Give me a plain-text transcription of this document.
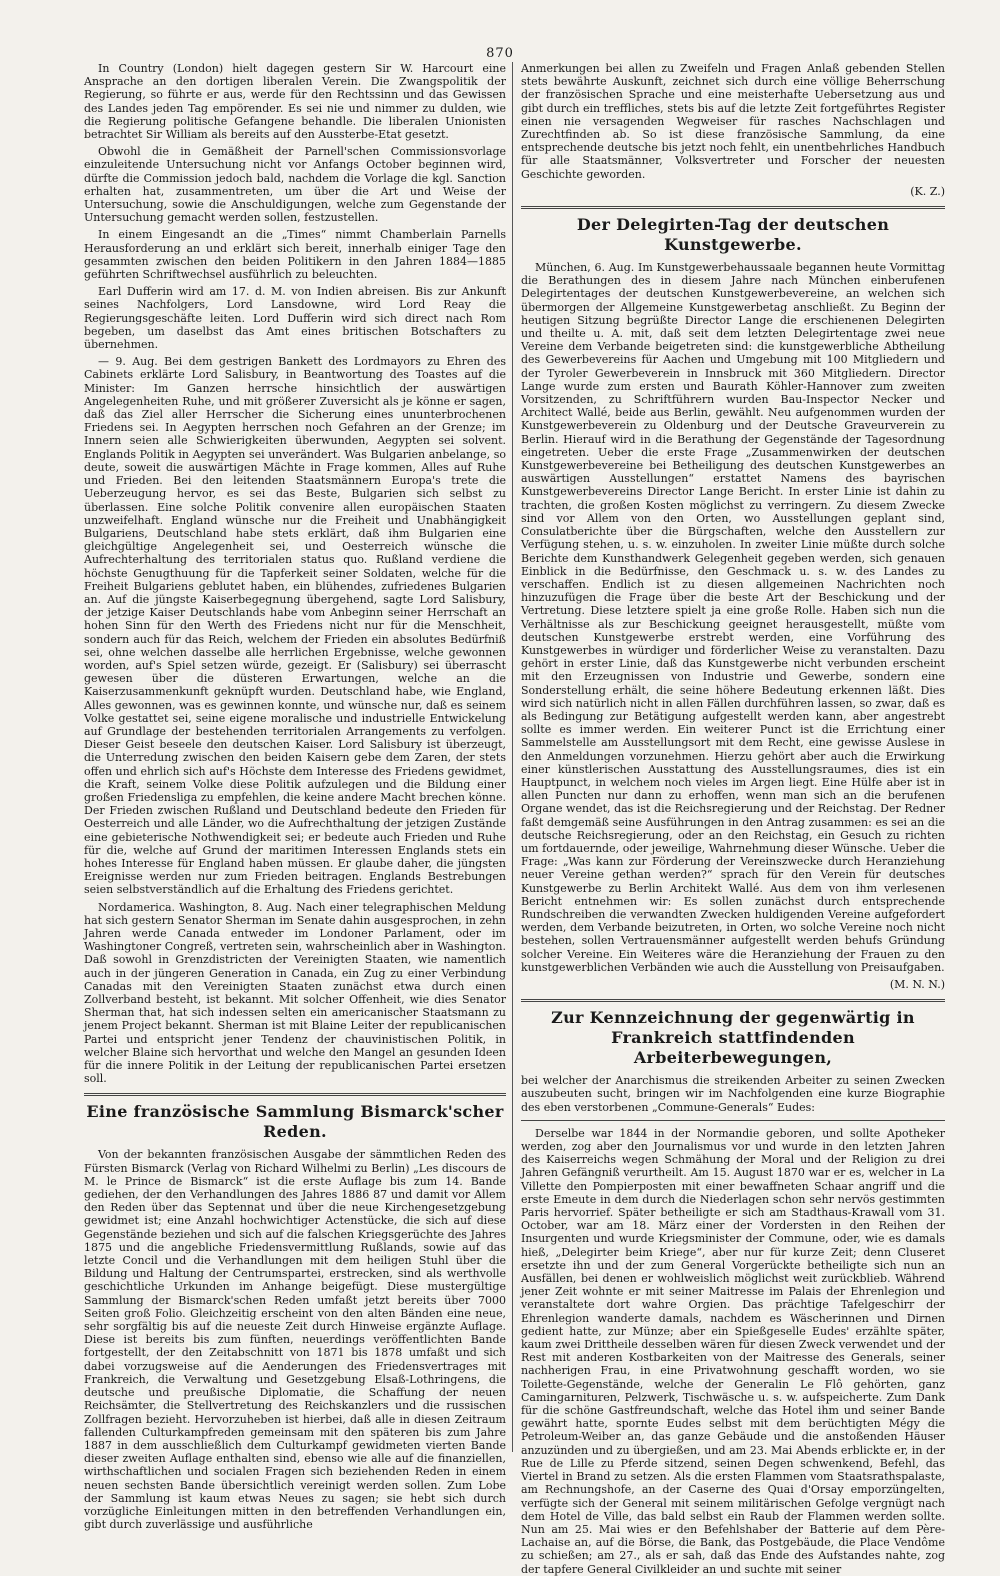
870

In Country (London) hielt dagegen gestern Sir W. Harcourt eine Ansprache an den dortigen liberalen Verein. Die Zwangspolitik der Regierung, so führte er aus, werde für den Rechtssinn und das Gewissen des Landes jeden Tag empörender. Es sei nie und nimmer zu dulden, wie die Regierung politische Gefangene behandle. Die liberalen Unionisten betrachtet Sir William als bereits auf den Aussterbe-Etat gesetzt.

Obwohl die in Gemäßheit der Parnell'schen Commissionsvorlage einzuleitende Untersuchung nicht vor Anfangs October beginnen wird, dürfte die Commission jedoch bald, nachdem die Vorlage die kgl. Sanction erhalten hat, zusammentreten, um über die Art und Weise der Untersuchung, sowie die Anschuldigungen, welche zum Gegenstande der Untersuchung gemacht werden sollen, festzustellen.

In einem Eingesandt an die „Times“ nimmt Chamberlain Parnells Herausforderung an und erklärt sich bereit, innerhalb einiger Tage den gesammten zwischen den beiden Politikern in den Jahren 1884—1885 geführten Schriftwechsel ausführlich zu beleuchten.

Earl Dufferin wird am 17. d. M. von Indien abreisen. Bis zur Ankunft seines Nachfolgers, Lord Lansdowne, wird Lord Reay die Regierungsgeschäfte leiten. Lord Dufferin wird sich direct nach Rom begeben, um daselbst das Amt eines britischen Botschafters zu übernehmen.

— 9. Aug. Bei dem gestrigen Bankett des Lordmayors zu Ehren des Cabinets erklärte Lord Salisbury, in Beantwortung des Toastes auf die Minister: Im Ganzen herrsche hinsichtlich der auswärtigen Angelegenheiten Ruhe, und mit größerer Zuversicht als je könne er sagen, daß das Ziel aller Herrscher die Sicherung eines ununterbrochenen Friedens sei. In Aegypten herrschen noch Gefahren an der Grenze; im Innern seien alle Schwierigkeiten überwunden, Aegypten sei solvent. Englands Politik in Aegypten sei unverändert. Was Bulgarien anbelange, so deute, soweit die auswärtigen Mächte in Frage kommen, Alles auf Ruhe und Frieden. Bei den leitenden Staatsmännern Europa's trete die Ueberzeugung hervor, es sei das Beste, Bulgarien sich selbst zu überlassen. Eine solche Politik convenire allen europäischen Staaten unzweifelhaft. England wünsche nur die Freiheit und Unabhängigkeit Bulgariens, Deutschland habe stets erklärt, daß ihm Bulgarien eine gleichgültige Angelegenheit sei, und Oesterreich wünsche die Aufrechterhaltung des territorialen status quo. Rußland verdiene die höchste Genugthuung für die Tapferkeit seiner Soldaten, welche für die Freiheit Bulgariens geblutet haben, ein blühendes, zufriedenes Bulgarien an. Auf die jüngste Kaiserbegegnung übergehend, sagte Lord Salisbury, der jetzige Kaiser Deutschlands habe vom Anbeginn seiner Herrschaft an hohen Sinn für den Werth des Friedens nicht nur für die Menschheit, sondern auch für das Reich, welchem der Frieden ein absolutes Bedürfniß sei, ohne welchen dasselbe alle herrlichen Ergebnisse, welche gewonnen worden, auf's Spiel setzen würde, gezeigt. Er (Salisbury) sei überrascht gewesen über die düsteren Erwartungen, welche an die Kaiserzusammenkunft geknüpft wurden. Deutschland habe, wie England, Alles gewonnen, was es gewinnen konnte, und wünsche nur, daß es seinem Volke gestattet sei, seine eigene moralische und industrielle Entwickelung auf Grundlage der bestehenden territorialen Arrangements zu verfolgen. Dieser Geist beseele den deutschen Kaiser. Lord Salisbury ist überzeugt, die Unterredung zwischen den beiden Kaisern gebe dem Zaren, der stets offen und ehrlich sich auf's Höchste dem Interesse des Friedens gewidmet, die Kraft, seinem Volke diese Politik aufzulegen und die Bildung einer großen Friedensliga zu empfehlen, die keine andere Macht brechen könne. Der Frieden zwischen Rußland und Deutschland bedeute den Frieden für Oesterreich und alle Länder, wo die Aufrechthaltung der jetzigen Zustände eine gebieterische Nothwendigkeit sei; er bedeute auch Frieden und Ruhe für die, welche auf Grund der maritimen Interessen Englands stets ein hohes Interesse für England haben müssen. Er glaube daher, die jüngsten Ereignisse werden nur zum Frieden beitragen. Englands Bestrebungen seien selbstverständlich auf die Erhaltung des Friedens gerichtet.

Nordamerica. Washington, 8. Aug. Nach einer telegraphischen Meldung hat sich gestern Senator Sherman im Senate dahin ausgesprochen, in zehn Jahren werde Canada entweder im Londoner Parlament, oder im Washingtoner Congreß, vertreten sein, wahrscheinlich aber in Washington. Daß sowohl in Grenzdistricten der Vereinigten Staaten, wie namentlich auch in der jüngeren Generation in Canada, ein Zug zu einer Verbindung Canadas mit den Vereinigten Staaten zunächst etwa durch einen Zollverband besteht, ist bekannt. Mit solcher Offenheit, wie dies Senator Sherman that, hat sich indessen selten ein americanischer Staatsmann zu jenem Project bekannt. Sherman ist mit Blaine Leiter der republicanischen Partei und entspricht jener Tendenz der chauvinistischen Politik, in welcher Blaine sich hervorthat und welche den Mangel an gesunden Ideen für die innere Politik in der Leitung der republicanischen Partei ersetzen soll.

Eine französische Sammlung Bismarck'scher Reden.

Von der bekannten französischen Ausgabe der sämmtlichen Reden des Fürsten Bismarck (Verlag von Richard Wilhelmi zu Berlin) „Les discours de M. le Prince de Bismarck“ ist die erste Auflage bis zum 14. Bande gediehen, der den Verhandlungen des Jahres 1886 87 und damit vor Allem den Reden über das Septennat und über die neue Kirchengesetzgebung gewidmet ist; eine Anzahl hochwichtiger Actenstücke, die sich auf diese Gegenstände beziehen und sich auf die falschen Kriegsgerüchte des Jahres 1875 und die angebliche Friedensvermittlung Rußlands, sowie auf das letzte Concil und die Verhandlungen mit dem heiligen Stuhl über die Bildung und Haltung der Centrumspartei, erstrecken, sind als werthvolle geschichtliche Urkunden im Anhange beigefügt. Diese mustergültige Sammlung der Bismarck'schen Reden umfaßt jetzt bereits über 7000 Seiten groß Folio. Gleichzeitig erscheint von den alten Bänden eine neue, sehr sorgfältig bis auf die neueste Zeit durch Hinweise ergänzte Auflage. Diese ist bereits bis zum fünften, neuerdings veröffentlichten Bande fortgestellt, der den Zeitabschnitt von 1871 bis 1878 umfaßt und sich dabei vorzugsweise auf die Aenderungen des Friedensvertrages mit Frankreich, die Verwaltung und Gesetzgebung Elsaß-Lothringens, die deutsche und preußische Diplomatie, die Schaffung der neuen Reichsämter, die Stellvertretung des Reichskanzlers und die russischen Zollfragen bezieht. Hervorzuheben ist hierbei, daß alle in diesen Zeitraum fallenden Culturkampfreden gemeinsam mit den späteren bis zum Jahre 1887 in dem ausschließlich dem Culturkampf gewidmeten vierten Bande dieser zweiten Auflage enthalten sind, ebenso wie alle auf die finanziellen, wirthschaftlichen und socialen Fragen sich beziehenden Reden in einem neuen sechsten Bande übersichtlich vereinigt werden sollen. Zum Lobe der Sammlung ist kaum etwas Neues zu sagen; sie hebt sich durch vorzügliche Einleitungen mitten in den betreffenden Verhandlungen ein, gibt durch zuverlässige und ausführliche

Anmerkungen bei allen zu Zweifeln und Fragen Anlaß gebenden Stellen stets bewährte Auskunft, zeichnet sich durch eine völlige Beherrschung der französischen Sprache und eine meisterhafte Uebersetzung aus und gibt durch ein treffliches, stets bis auf die letzte Zeit fortgeführtes Register einen nie versagenden Wegweiser für rasches Nachschlagen und Zurechtfinden ab. So ist diese französische Sammlung, da eine entsprechende deutsche bis jetzt noch fehlt, ein unentbehrliches Handbuch für alle Staatsmänner, Volksvertreter und Forscher der neuesten Geschichte geworden.

(K. Z.)
Der Delegirten-Tag der deutschen Kunstgewerbe.

München, 6. Aug. Im Kunstgewerbehaussaale begannen heute Vormittag die Berathungen des in diesem Jahre nach München einberufenen Delegirtentages der deutschen Kunstgewerbevereine, an welchen sich übermorgen der Allgemeine Kunstgewerbetag anschließt. Zu Beginn der heutigen Sitzung begrüßte Director Lange die erschienenen Delegirten und theilte u. A. mit, daß seit dem letzten Delegirtentage zwei neue Vereine dem Verbande beigetreten sind: die kunstgewerbliche Abtheilung des Gewerbevereins für Aachen und Umgebung mit 100 Mitgliedern und der Tyroler Gewerbeverein in Innsbruck mit 360 Mitgliedern. Director Lange wurde zum ersten und Baurath Köhler-Hannover zum zweiten Vorsitzenden, zu Schriftführern wurden Bau-Inspector Necker und Architect Wallé, beide aus Berlin, gewählt. Neu aufgenommen wurden der Kunstgewerbeverein zu Oldenburg und der Deutsche Graveurverein zu Berlin. Hierauf wird in die Berathung der Gegenstände der Tagesordnung eingetreten. Ueber die erste Frage „Zusammenwirken der deutschen Kunstgewerbevereine bei Betheiligung des deutschen Kunstgewerbes an auswärtigen Ausstellungen“ erstattet Namens des bayrischen Kunstgewerbevereins Director Lange Bericht. In erster Linie ist dahin zu trachten, die großen Kosten möglichst zu verringern. Zu diesem Zwecke sind vor Allem von den Orten, wo Ausstellungen geplant sind, Consulatberichte über die Bürgschaften, welche den Ausstellern zur Verfügung stehen, u. s. w. einzuholen. In zweiter Linie müßte durch solche Berichte dem Kunsthandwerk Gelegenheit gegeben werden, sich genauen Einblick in die Bedürfnisse, den Geschmack u. s. w. des Landes zu verschaffen. Endlich ist zu diesen allgemeinen Nachrichten noch hinzuzufügen die Frage über die beste Art der Beschickung und der Vertretung. Diese letztere spielt ja eine große Rolle. Haben sich nun die Verhältnisse als zur Beschickung geeignet herausgestellt, müßte vom deutschen Kunstgewerbe erstrebt werden, eine Vorführung des Kunstgewerbes in würdiger und förderlicher Weise zu veranstalten. Dazu gehört in erster Linie, daß das Kunstgewerbe nicht verbunden erscheint mit den Erzeugnissen von Industrie und Gewerbe, sondern eine Sonderstellung erhält, die seine höhere Bedeutung erkennen läßt. Dies wird sich natürlich nicht in allen Fällen durchführen lassen, so zwar, daß es als Bedingung zur Betätigung aufgestellt werden kann, aber angestrebt sollte es immer werden. Ein weiterer Punct ist die Errichtung einer Sammelstelle am Ausstellungsort mit dem Recht, eine gewisse Auslese in den Anmeldungen vorzunehmen. Hierzu gehört aber auch die Erwirkung einer künstlerischen Ausstattung des Ausstellungsraumes, dies ist ein Hauptpunct, in welchem noch vieles im Argen liegt. Eine Hülfe aber ist in allen Puncten nur dann zu erhoffen, wenn man sich an die berufenen Organe wendet, das ist die Reichsregierung und der Reichstag. Der Redner faßt demgemäß seine Ausführungen in den Antrag zusammen: es sei an die deutsche Reichsregierung, oder an den Reichstag, ein Gesuch zu richten um fortdauernde, oder jeweilige, Wahrnehmung dieser Wünsche. Ueber die Frage: „Was kann zur Förderung der Vereinszwecke durch Heranziehung neuer Vereine gethan werden?“ sprach für den Verein für deutsches Kunstgewerbe zu Berlin Architekt Wallé. Aus dem von ihm verlesenen Bericht entnehmen wir: Es sollen zunächst durch entsprechende Rundschreiben die verwandten Zwecken huldigenden Vereine aufgefordert werden, dem Verbande beizutreten, in Orten, wo solche Vereine noch nicht bestehen, sollen Vertrauensmänner aufgestellt werden behufs Gründung solcher Vereine. Ein Weiteres wäre die Heranziehung der Frauen zu den kunstgewerblichen Verbänden wie auch die Ausstellung von Preisaufgaben.

(M. N. N.)
Zur Kennzeichnung der gegenwärtig in Frankreich stattfindenden Arbeiterbewegungen,

bei welcher der Anarchismus die streikenden Arbeiter zu seinen Zwecken auszubeuten sucht, bringen wir im Nachfolgenden eine kurze Biographie des eben verstorbenen „Commune-Generals“ Eudes:

Derselbe war 1844 in der Normandie geboren, und sollte Apotheker werden, zog aber den Journalismus vor und wurde in den letzten Jahren des Kaiserreichs wegen Schmähung der Moral und der Religion zu drei Jahren Gefängniß verurtheilt. Am 15. August 1870 war er es, welcher in La Villette den Pompierposten mit einer bewaffneten Schaar angriff und die erste Emeute in dem durch die Niederlagen schon sehr nervös gestimmten Paris hervorrief. Später betheiligte er sich am Stadthaus-Krawall vom 31. October, war am 18. März einer der Vordersten in den Reihen der Insurgenten und wurde Kriegsminister der Commune, oder, wie es damals hieß, „Delegirter beim Kriege“, aber nur für kurze Zeit; denn Cluseret ersetzte ihn und der zum General Vorgerückte betheiligte sich nun an Ausfällen, bei denen er wohlweislich möglichst weit zurückblieb. Während jener Zeit wohnte er mit seiner Maitresse im Palais der Ehrenlegion und veranstaltete dort wahre Orgien. Das prächtige Tafelgeschirr der Ehrenlegion wanderte damals, nachdem es Wäscherinnen und Dirnen gedient hatte, zur Münze; aber ein Spießgeselle Eudes' erzählte später, kaum zwei Drittheile desselben wären für diesen Zweck verwendet und der Rest mit anderen Kostbarkeiten von der Maitresse des Generals, seiner nachherigen Frau, in eine Privatwohnung geschafft worden, wo sie Toilette-Gegenstände, welche der Generalin Le Flô gehörten, ganz Camingarnituren, Pelzwerk, Tischwäsche u. s. w. aufspeicherte. Zum Dank für die schöne Gastfreundschaft, welche das Hotel ihm und seiner Bande gewährt hatte, spornte Eudes selbst mit dem berüchtigten Mégy die Petroleum-Weiber an, das ganze Gebäude und die anstoßenden Häuser anzuzünden und zu übergießen, und am 23. Mai Abends erblickte er, in der Rue de Lille zu Pferde sitzend, seinen Degen schwenkend, Befehl, das Viertel in Brand zu setzen. Als die ersten Flammen vom Staatsrathspalaste, am Rechnungshofe, an der Caserne des Quai d'Orsay emporzüngelten, verfügte sich der General mit seinem militärischen Gefolge vergnügt nach dem Hotel de Ville, das bald selbst ein Raub der Flammen werden sollte. Nun am 25. Mai wies er den Befehlshaber der Batterie auf dem Père-Lachaise an, auf die Börse, die Bank, das Postgebäude, die Place Vendôme zu schießen; am 27., als er sah, daß das Ende des Aufstandes nahte, zog der tapfere General Civilkleider an und suchte mit seiner
